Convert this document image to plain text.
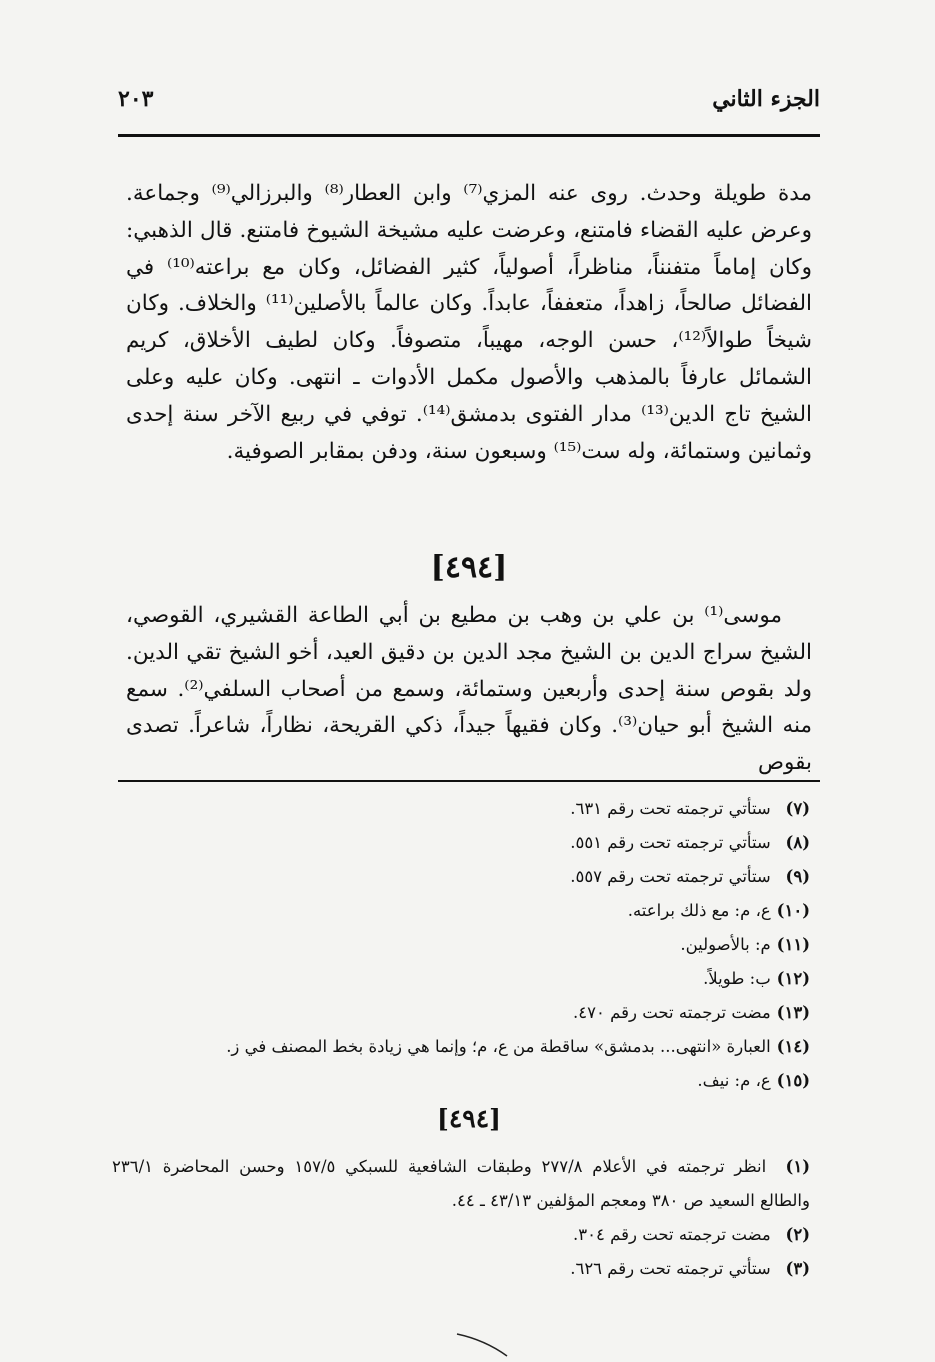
الجزء الثاني
٢٠٣

مدة طويلة وحدث. روى عنه المزي⁽⁷⁾ وابن العطار⁽⁸⁾ والبرزالي⁽⁹⁾ وجماعة. وعرض عليه القضاء فامتنع، وعرضت عليه مشيخة الشيوخ فامتنع. قال الذهبي: وكان إماماً متفنناً، مناظراً، أصولياً، كثير الفضائل، وكان مع براعته⁽¹⁰⁾ في الفضائل صالحاً، زاهداً، متعففاً، عابداً. وكان عالماً بالأصلين⁽¹¹⁾ والخلاف. وكان شيخاً طوالاً⁽¹²⁾، حسن الوجه، مهيباً، متصوفاً. وكان لطيف الأخلاق، كريم الشمائل عارفاً بالمذهب والأصول مكمل الأدوات ـ انتهى. وكان عليه وعلى الشيخ تاج الدين⁽¹³⁾ مدار الفتوى بدمشق⁽¹⁴⁾. توفي في ربيع الآخر سنة إحدى وثمانين وستمائة، وله ست⁽¹⁵⁾ وسبعون سنة، ودفن بمقابر الصوفية.

[٤٩٤]

موسى⁽¹⁾ بن علي بن وهب بن مطيع بن أبي الطاعة القشيري، القوصي، الشيخ سراج الدين بن الشيخ مجد الدين بن دقيق العيد، أخو الشيخ تقي الدين. ولد بقوص سنة إحدى وأربعين وستمائة، وسمع من أصحاب السلفي⁽²⁾. سمع منه الشيخ أبو حيان⁽³⁾. وكان فقيهاً جيداً، ذكي القريحة، نظاراً، شاعراً. تصدى بقوص

(٧) ستأتي ترجمته تحت رقم ٦٣١.
(٨) ستأتي ترجمته تحت رقم ٥٥١.
(٩) ستأتي ترجمته تحت رقم ٥٥٧.
(١٠) ع، م: مع ذلك براعته.
(١١) م: بالأصولين.
(١٢) ب: طويلاً.
(١٣) مضت ترجمته تحت رقم ٤٧٠.
(١٤) العبارة «انتهى... بدمشق» ساقطة من ع، م؛ وإنما هي زيادة بخط المصنف في ز.
(١٥) ع، م: نيف.
[٤٩٤]
(١) انظر ترجمته في الأعلام ٢٧٧/٨ وطبقات الشافعية للسبكي ١٥٧/٥ وحسن المحاضرة ٢٣٦/١ والطالع السعيد ص ٣٨٠ ومعجم المؤلفين ٤٣/١٣ ـ ٤٤.
(٢) مضت ترجمته تحت رقم ٣٠٤.
(٣) ستأتي ترجمته تحت رقم ٦٢٦.
